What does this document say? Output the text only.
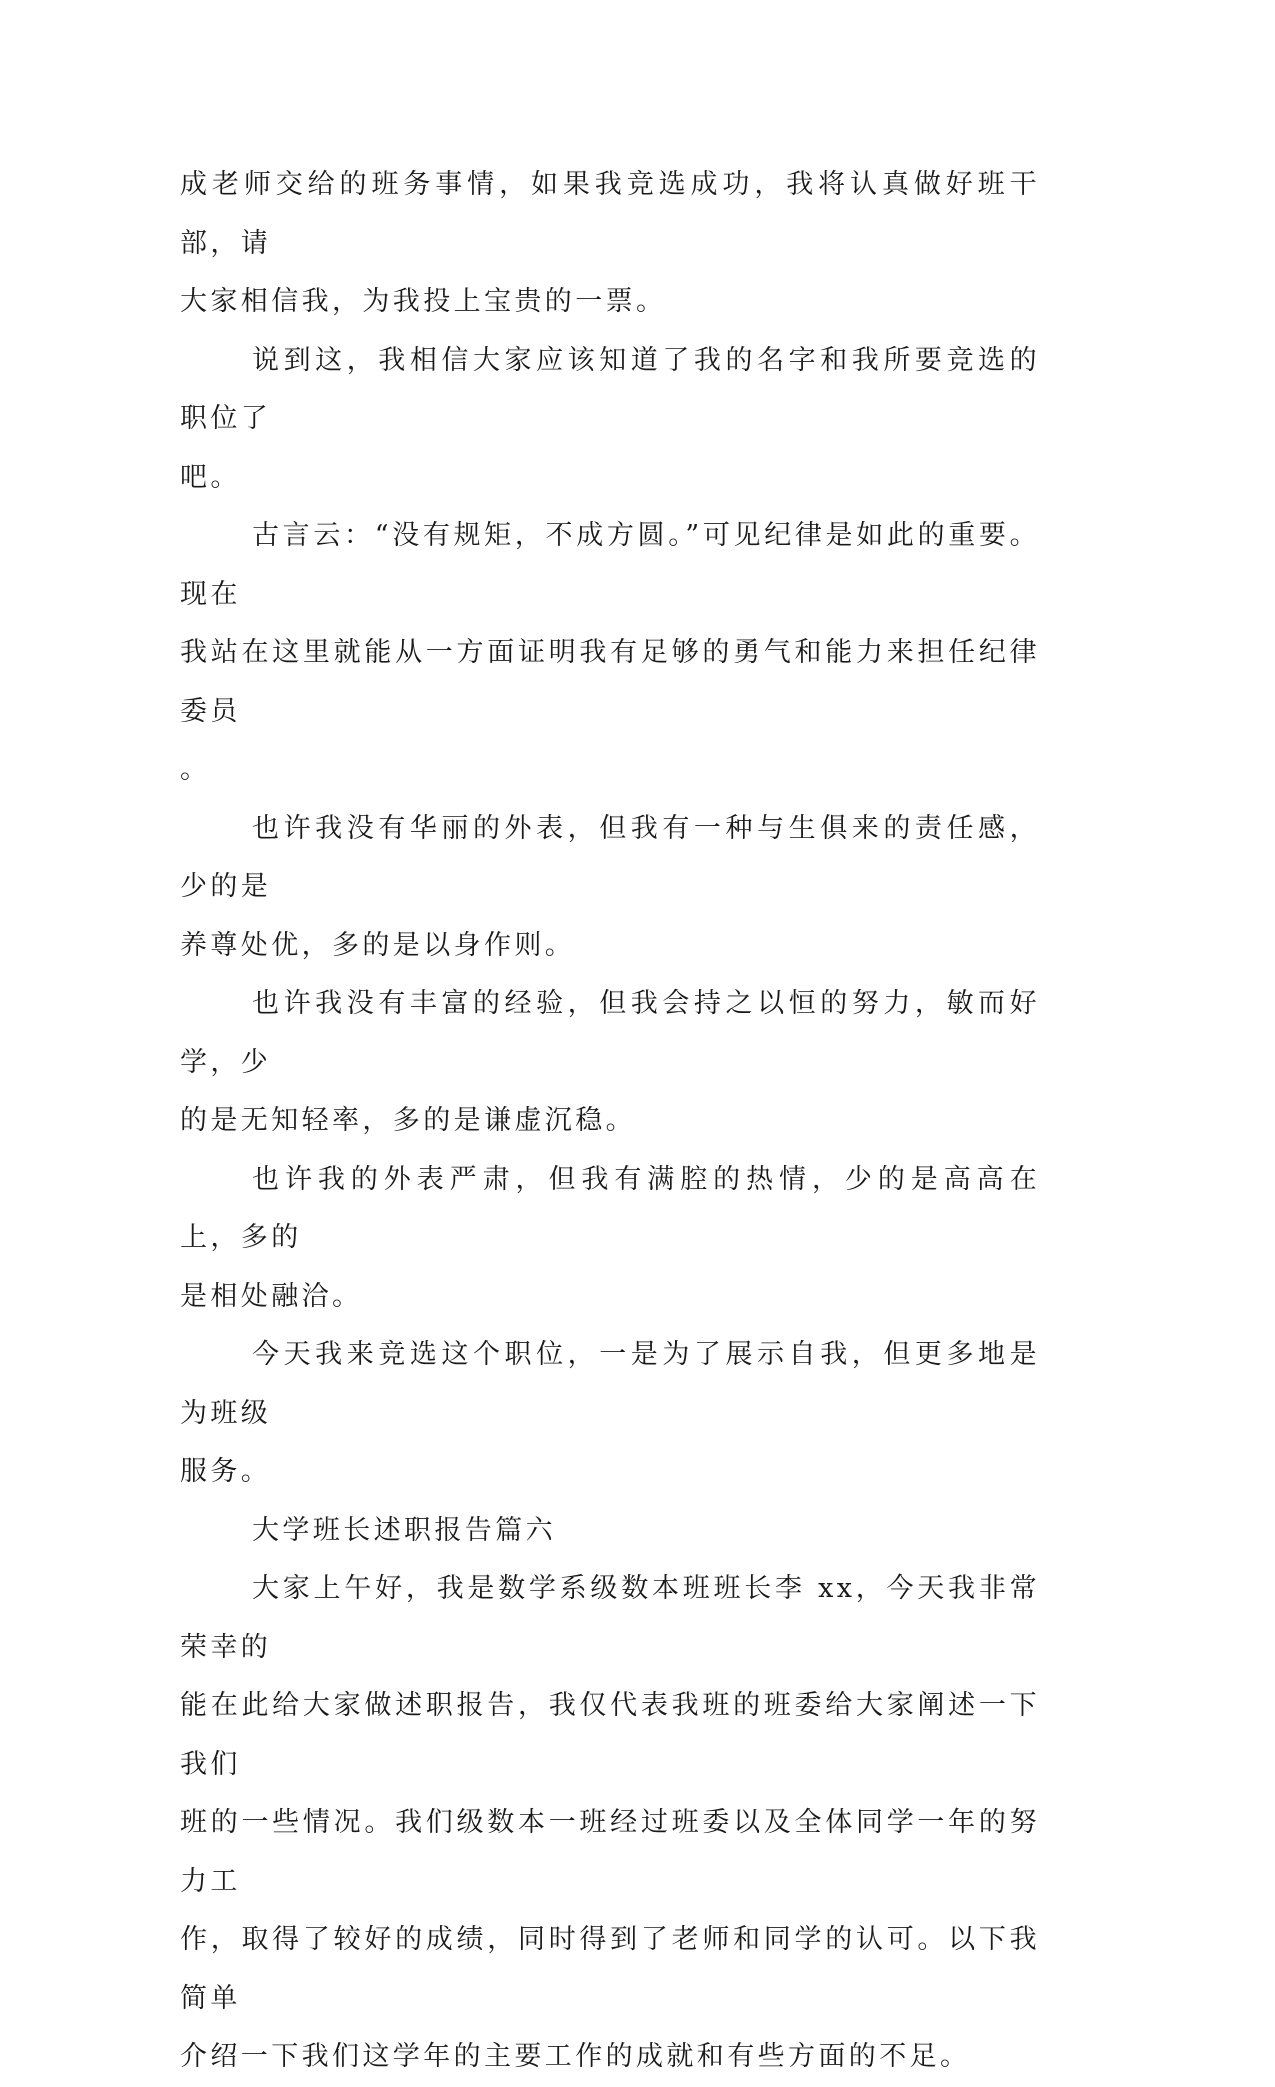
成老师交给的班务事情，如果我竞选成功，我将认真做好班干部，请
大家相信我，为我投上宝贵的一票。

说到这，我相信大家应该知道了我的名字和我所要竞选的职位了
吧。

古言云：“没有规矩，不成方圆。”可见纪律是如此的重要。现在
我站在这里就能从一方面证明我有足够的勇气和能力来担任纪律委员
。

也许我没有华丽的外表，但我有一种与生俱来的责任感，少的是
养尊处优，多的是以身作则。

也许我没有丰富的经验，但我会持之以恒的努力，敏而好学，少
的是无知轻率，多的是谦虚沉稳。

也许我的外表严肃，但我有满腔的热情，少的是高高在上，多的
是相处融洽。

今天我来竞选这个职位，一是为了展示自我，但更多地是为班级
服务。

大学班长述职报告篇六

大家上午好，我是数学系级数本班班长李 xx，今天我非常荣幸的
能在此给大家做述职报告，我仅代表我班的班委给大家阐述一下我们
班的一些情况。我们级数本一班经过班委以及全体同学一年的努力工
作，取得了较好的成绩，同时得到了老师和同学的认可。以下我简单
介绍一下我们这学年的主要工作的成就和有些方面的不足。
